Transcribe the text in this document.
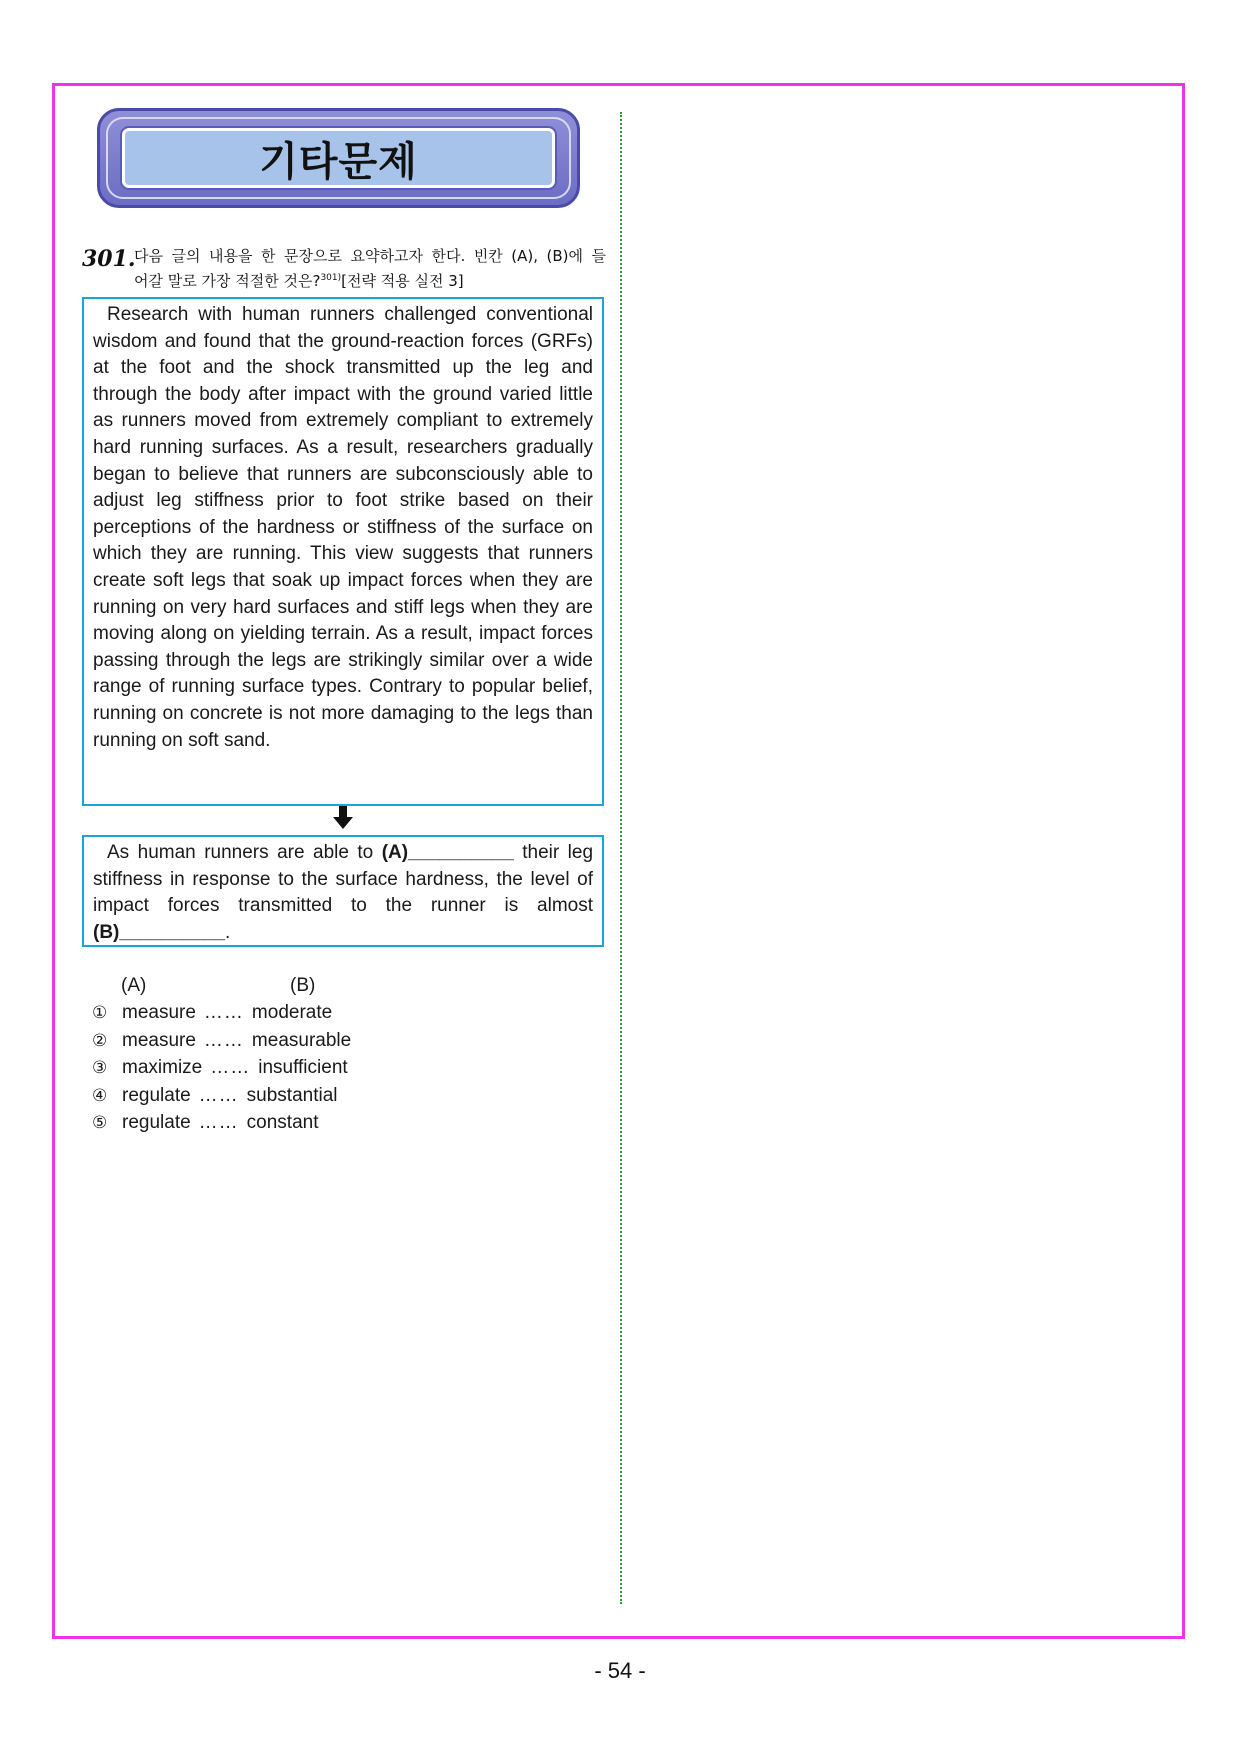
기타문제
301.
다음 글의 내용을 한 문장으로 요약하고자 한다. 빈칸 (A), (B)에 들
어갈 말로 가장 적절한 것은?$^{301)}$[전략 적용 실전 3]
Research with human runners challenged conventional wisdom and found that the ground-reaction forces (GRFs) at the foot and the shock transmitted up the leg and through the body after impact with the ground varied little as runners moved from extremely compliant to extremely hard running surfaces. As a result, researchers gradually began to believe that runners are subconsciously able to adjust leg stiffness prior to foot strike based on their perceptions of the hardness or stiffness of the surface on which they are running. This view suggests that runners create soft legs that soak up impact forces when they are running on very hard surfaces and stiff legs when they are moving along on yielding terrain. As a result, impact forces passing through the legs are strikingly similar over a wide range of running surface types. Contrary to popular belief, running on concrete is not more damaging to the legs than running on soft sand.
As human runners are able to (A)__________ their leg stiffness in response to the surface hardness, the level of impact forces transmitted to the runner is almost (B)__________.
(A)	(B)
① measure …… moderate
② measure …… measurable
③ maximize …… insufficient
④ regulate …… substantial
⑤ regulate …… constant
- 54 -
